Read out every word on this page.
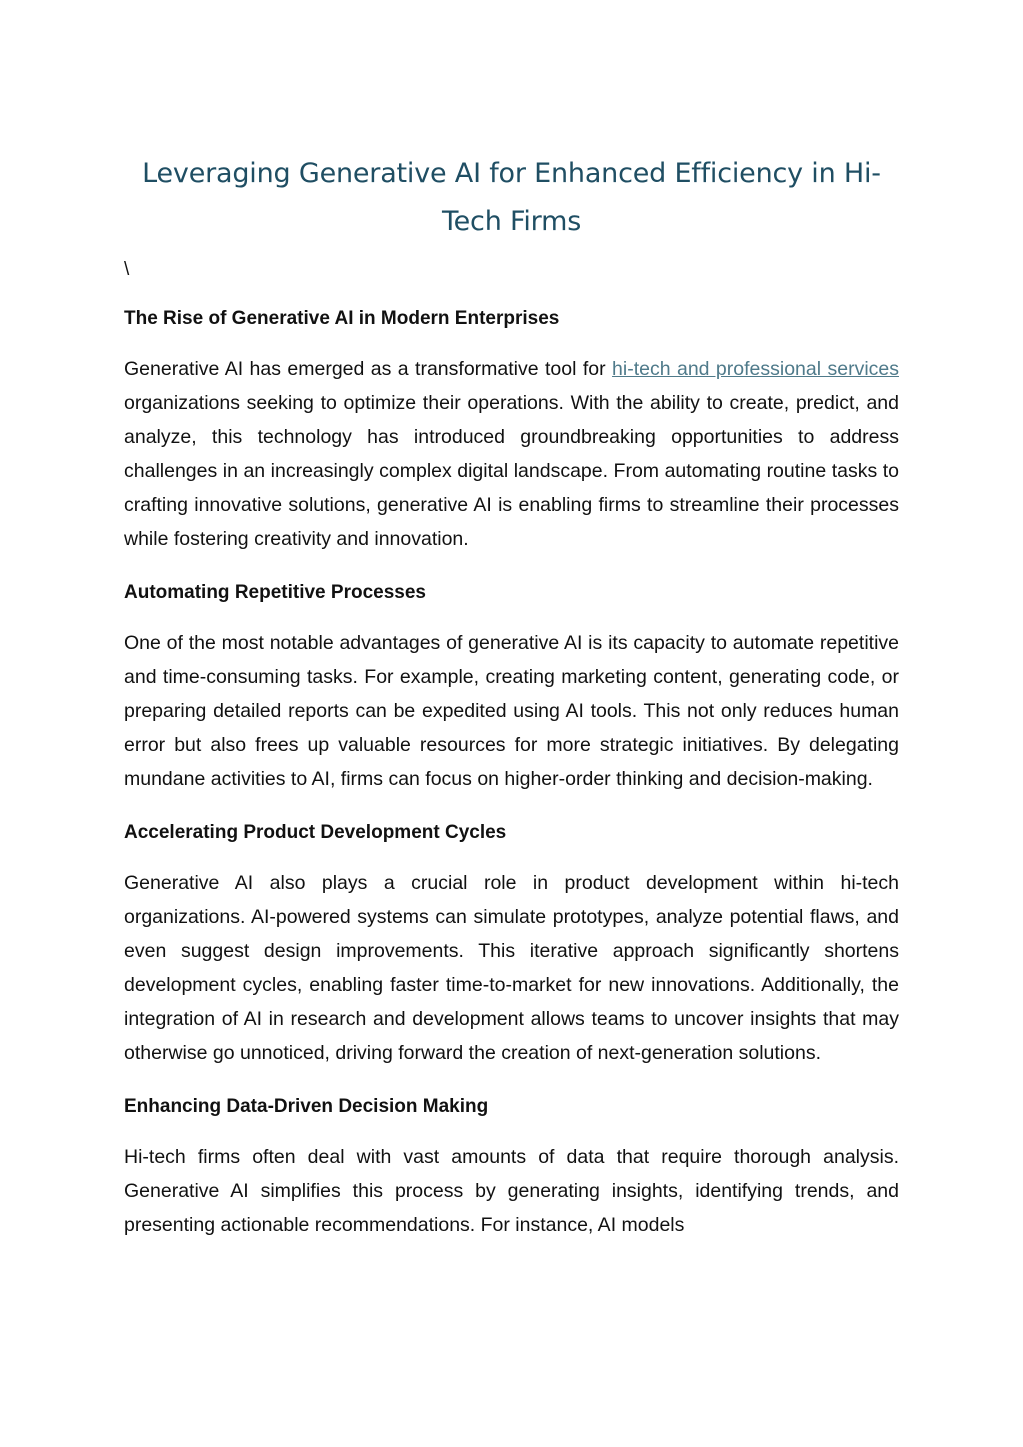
Leveraging Generative AI for Enhanced Efficiency in Hi-Tech Firms
\
The Rise of Generative AI in Modern Enterprises

Generative AI has emerged as a transformative tool for hi-tech and professional services organizations seeking to optimize their operations. With the ability to create, predict, and analyze, this technology has introduced groundbreaking opportunities to address challenges in an increasingly complex digital landscape. From automating routine tasks to crafting innovative solutions, generative AI is enabling firms to streamline their processes while fostering creativity and innovation.

Automating Repetitive Processes

One of the most notable advantages of generative AI is its capacity to automate repetitive and time-consuming tasks. For example, creating marketing content, generating code, or preparing detailed reports can be expedited using AI tools. This not only reduces human error but also frees up valuable resources for more strategic initiatives. By delegating mundane activities to AI, firms can focus on higher-order thinking and decision-making.

Accelerating Product Development Cycles

Generative AI also plays a crucial role in product development within hi-tech organizations. AI-powered systems can simulate prototypes, analyze potential flaws, and even suggest design improvements. This iterative approach significantly shortens development cycles, enabling faster time-to-market for new innovations. Additionally, the integration of AI in research and development allows teams to uncover insights that may otherwise go unnoticed, driving forward the creation of next-generation solutions.

Enhancing Data-Driven Decision Making

Hi-tech firms often deal with vast amounts of data that require thorough analysis. Generative AI simplifies this process by generating insights, identifying trends, and presenting actionable recommendations. For instance, AI models
